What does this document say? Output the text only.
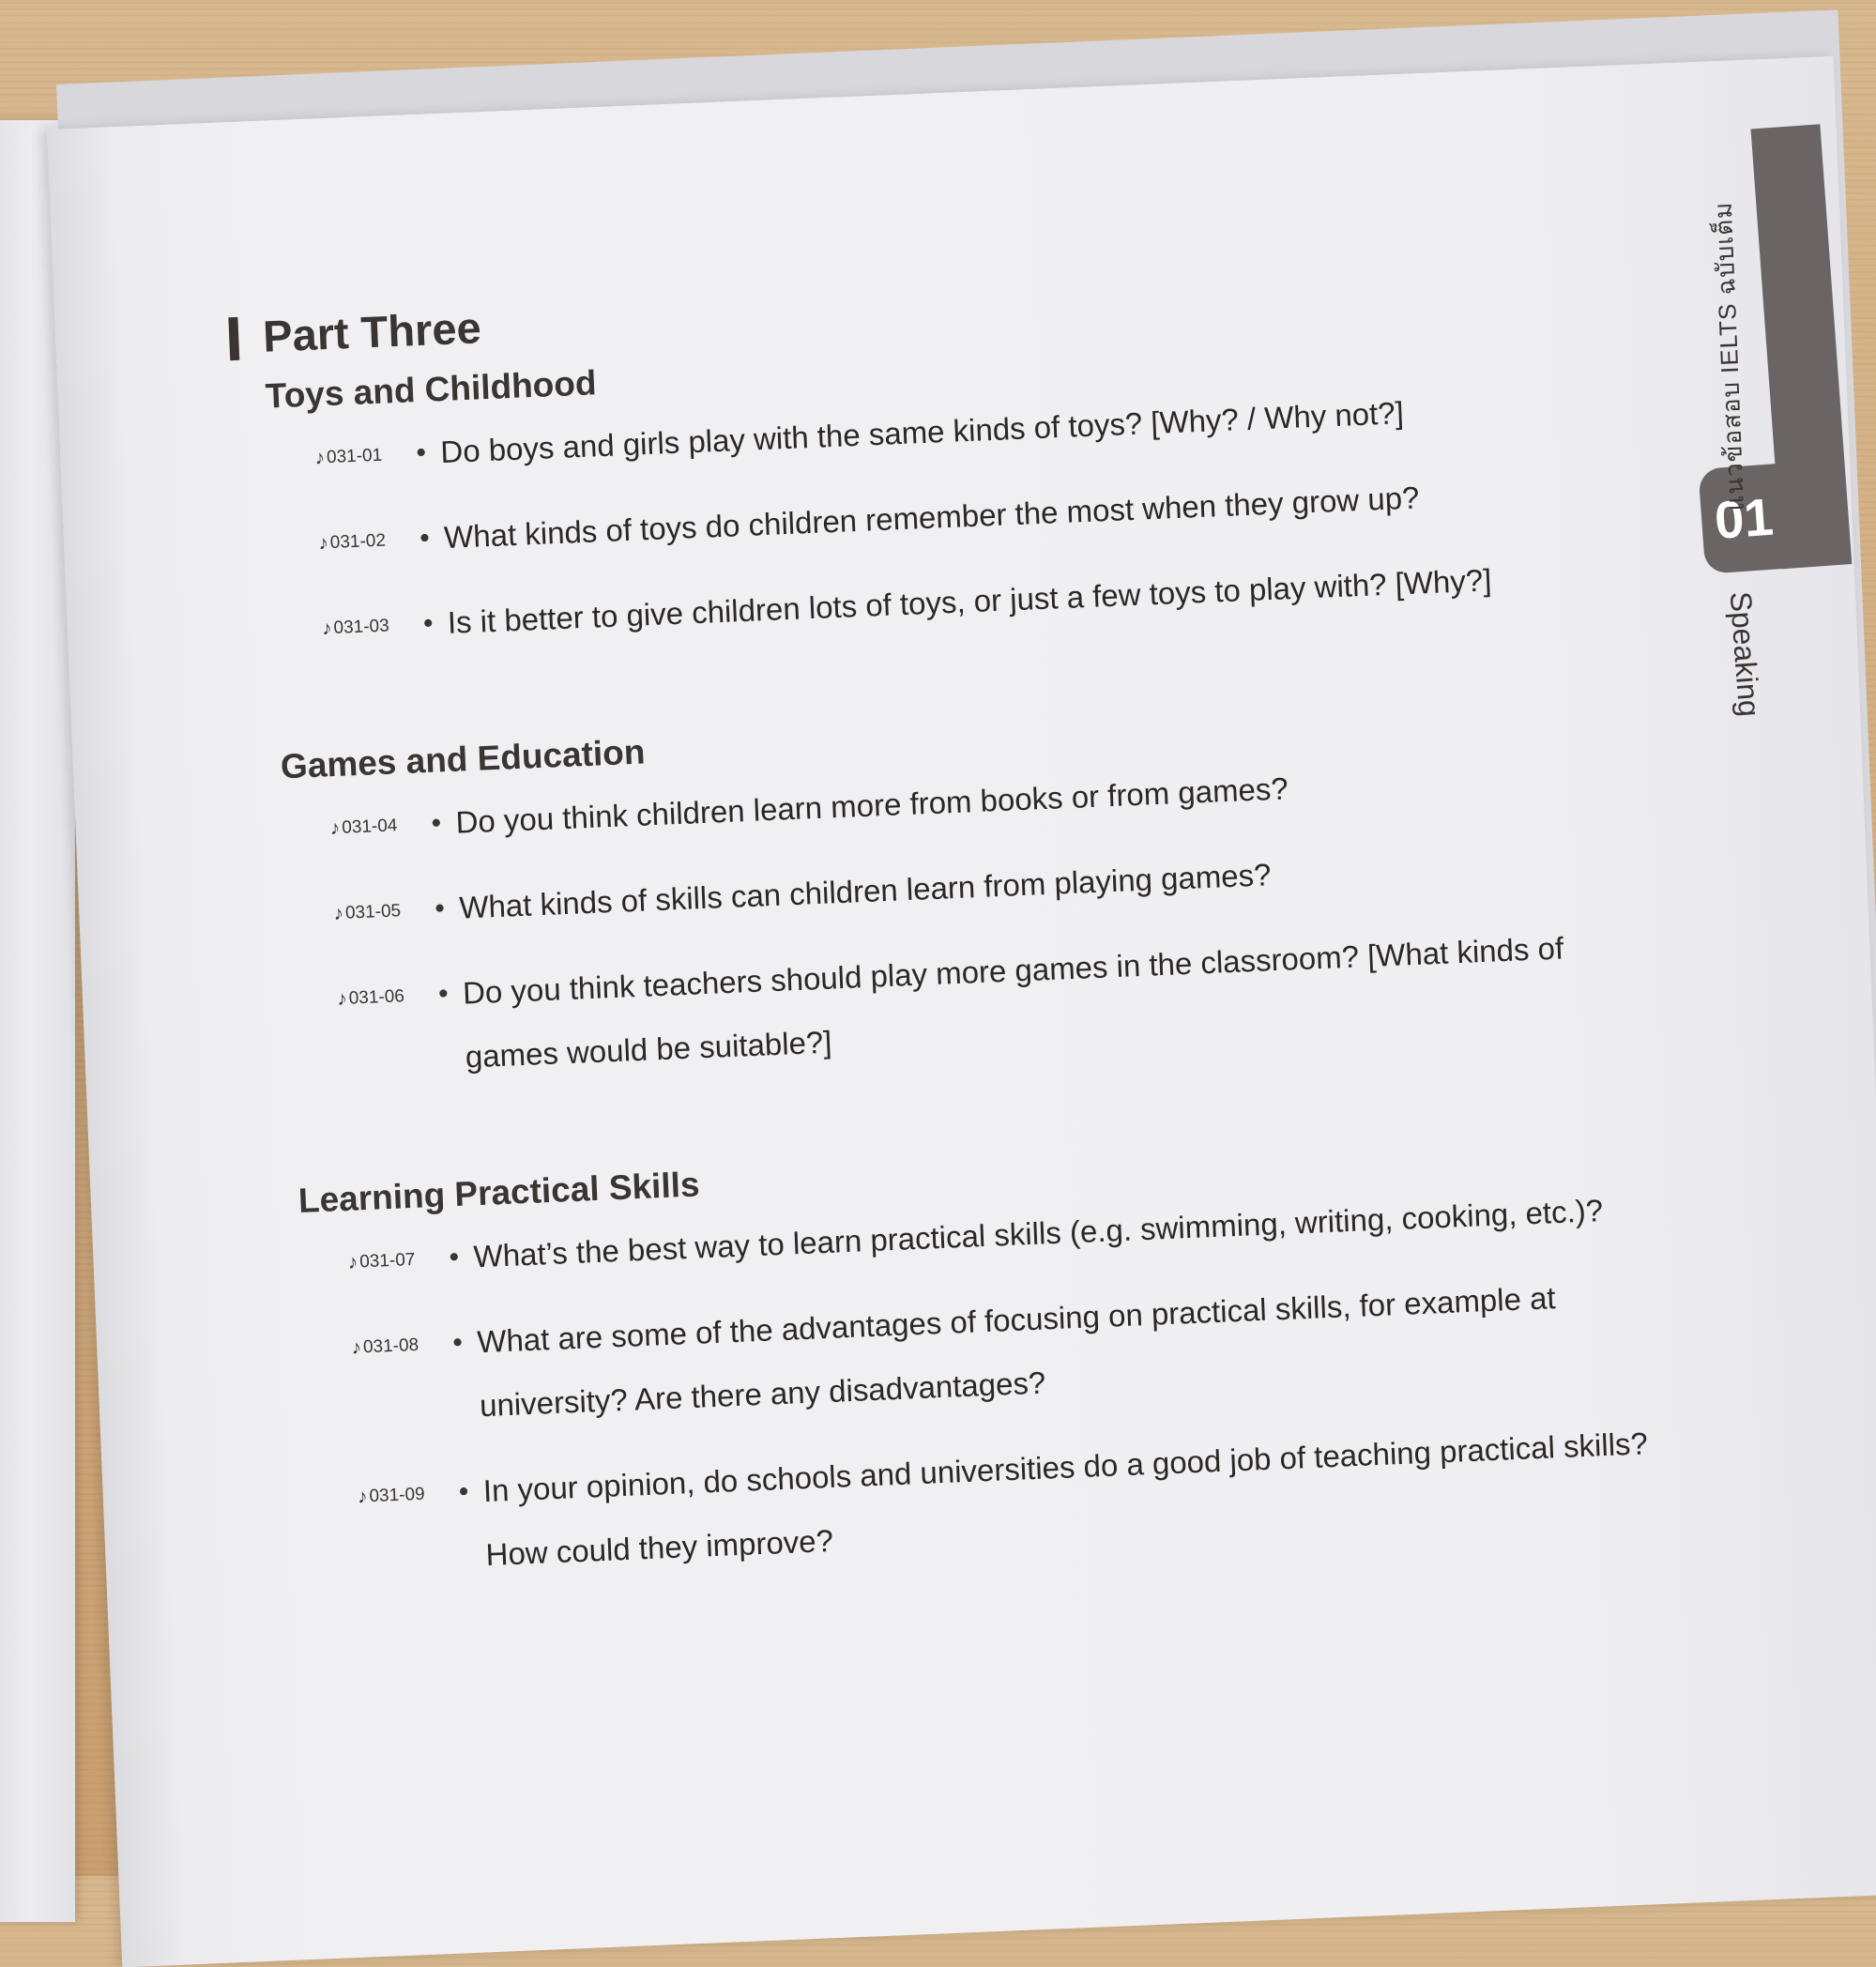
01
แนวข้อสอบ IELTS ฉบับเต็ม
Speaking
Part Three
Toys and Childhood
♪ 031-01 • Do boys and girls play with the same kinds of toys? [Why? / Why not?]
♪ 031-02 • What kinds of toys do children remember the most when they grow up?
♪ 031-03 • Is it better to give children lots of toys, or just a few toys to play with? [Why?]
Games and Education
♪ 031-04 • Do you think children learn more from books or from games?
♪ 031-05 • What kinds of skills can children learn from playing games?
♪ 031-06 • Do you think teachers should play more games in the classroom? [What kinds of games would be suitable?]
Learning Practical Skills
♪ 031-07 • What’s the best way to learn practical skills (e.g. swimming, writing, cooking, etc.)?
♪ 031-08 • What are some of the advantages of focusing on practical skills, for example at university? Are there any disadvantages?
♪ 031-09 • In your opinion, do schools and universities do a good job of teaching practical skills? How could they improve?
